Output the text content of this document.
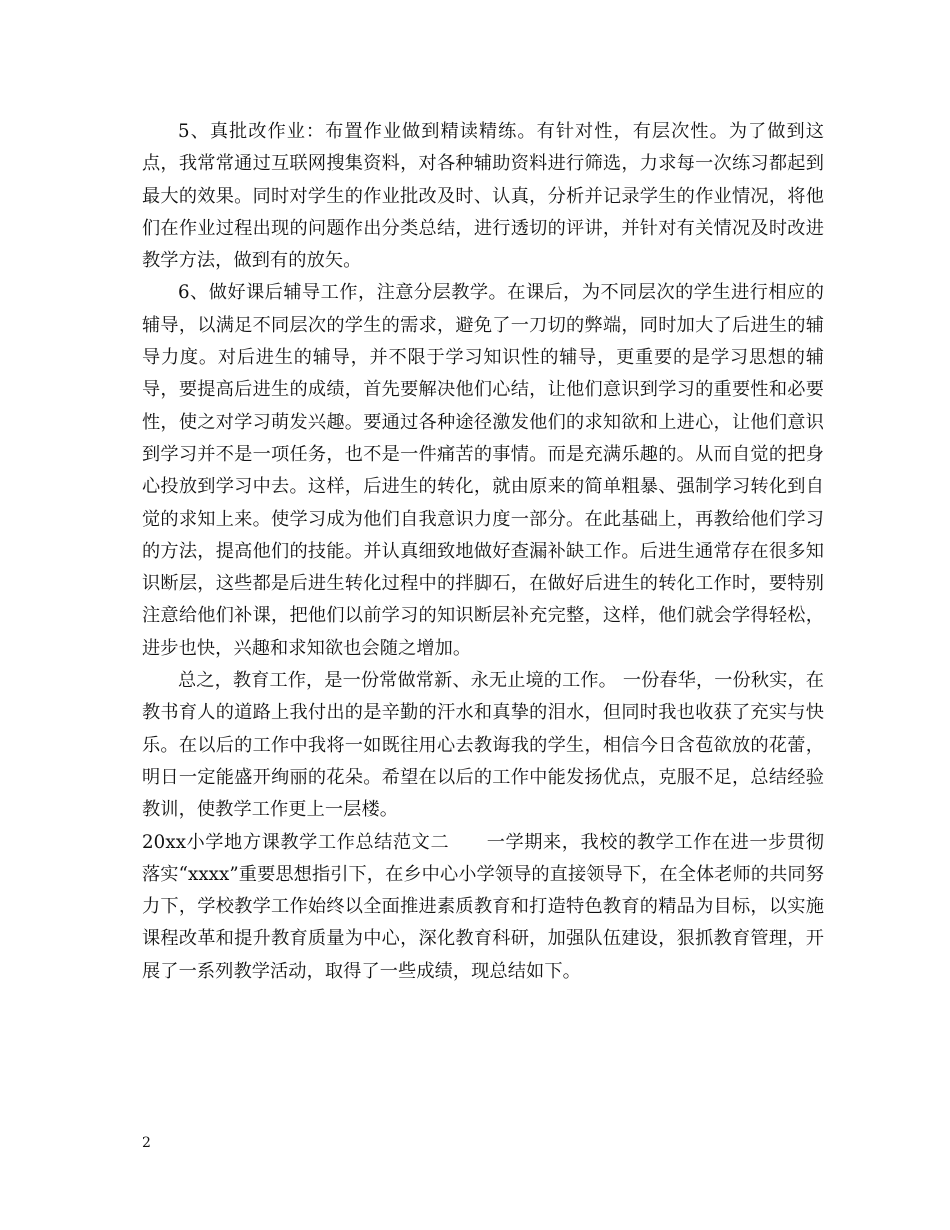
5、真批改作业：布置作业做到精读精练。有针对性，有层次性。为了做到这点，我常常通过互联网搜集资料，对各种辅助资料进行筛选，力求每一次练习都起到最大的效果。同时对学生的作业批改及时、认真，分析并记录学生的作业情况，将他们在作业过程出现的问题作出分类总结，进行透切的评讲，并针对有关情况及时改进教学方法，做到有的放矢。

6、做好课后辅导工作，注意分层教学。在课后，为不同层次的学生进行相应的辅导，以满足不同层次的学生的需求，避免了一刀切的弊端，同时加大了后进生的辅导力度。对后进生的辅导，并不限于学习知识性的辅导，更重要的是学习思想的辅导，要提高后进生的成绩，首先要解决他们心结，让他们意识到学习的重要性和必要性，使之对学习萌发兴趣。要通过各种途径激发他们的求知欲和上进心，让他们意识到学习并不是一项任务，也不是一件痛苦的事情。而是充满乐趣的。从而自觉的把身心投放到学习中去。这样，后进生的转化，就由原来的简单粗暴、强制学习转化到自觉的求知上来。使学习成为他们自我意识力度一部分。在此基础上，再教给他们学习的方法，提高他们的技能。并认真细致地做好查漏补缺工作。后进生通常存在很多知识断层，这些都是后进生转化过程中的拌脚石，在做好后进生的转化工作时，要特别注意给他们补课，把他们以前学习的知识断层补充完整，这样，他们就会学得轻松，进步也快，兴趣和求知欲也会随之增加。

总之，教育工作，是一份常做常新、永无止境的工作。 一份春华，一份秋实，在教书育人的道路上我付出的是辛勤的汗水和真挚的泪水，但同时我也收获了充实与快乐。在以后的工作中我将一如既往用心去教诲我的学生，相信今日含苞欲放的花蕾，明日一定能盛开绚丽的花朵。希望在以后的工作中能发扬优点，克服不足，总结经验教训，使教学工作更上一层楼。

20xx小学地方课教学工作总结范文二　　一学期来，我校的教学工作在进一步贯彻落实“xxxx”重要思想指引下，在乡中心小学领导的直接领导下，在全体老师的共同努力下，学校教学工作始终以全面推进素质教育和打造特色教育的精品为目标，以实施课程改革和提升教育质量为中心，深化教育科研，加强队伍建设，狠抓教育管理，开展了一系列教学活动，取得了一些成绩，现总结如下。

2
